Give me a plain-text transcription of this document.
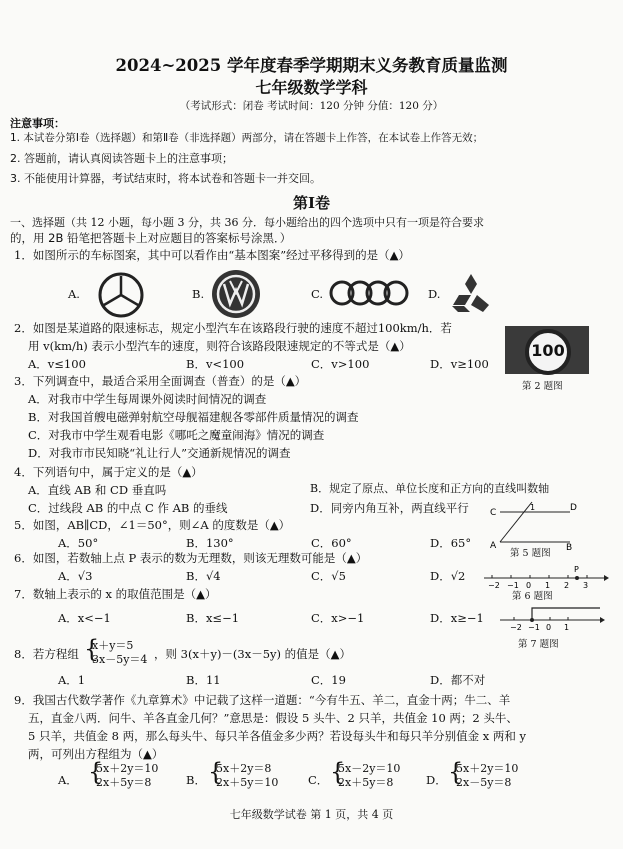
2024~2025 学年度春季学期期末义务教育质量监测
七年级数学学科
（考试形式：闭卷 考试时间：120 分钟 分值：120 分）
注意事项：
1. 本试卷分第Ⅰ卷（选择题）和第Ⅱ卷（非选择题）两部分，请在答题卡上作答，在本试卷上作答无效；
2. 答题前，请认真阅读答题卡上的注意事项；
3. 不能使用计算器，考试结束时，将本试卷和答题卡一并交回。
第Ⅰ卷
一、选择题（共 12 小题，每小题 3 分，共 36 分．每小题给出的四个选项中只有一项是符合要求
的，用 2B 铅笔把答题卡上对应题目的答案标号涂黑．）
1．如图所示的车标图案，其中可以看作由“基本图案”经过平移得到的是（▲）
A.	B.	C.	D.
2．如图是某道路的限速标志，规定小型汽车在该路段行驶的速度不超过100km/h．若
用 v(km/h) 表示小型汽车的速度，则符合该路段限速规定的不等式是（▲）
A．v≤100	B．v<100	C．v>100	D．v≥100
100
第 2 题图
3．下列调查中，最适合采用全面调查（普查）的是（▲）
A．对我市中学生每周课外阅读时间情况的调查
B．对我国首艘电磁弹射航空母舰福建舰各零部件质量情况的调查
C．对我市中学生观看电影《哪吒之魔童闹海》情况的调查
D．对我市市民知晓“礼让行人”交通新规情况的调查
4．下列语句中，属于定义的是（▲）
A．直线 AB 和 CD 垂直吗	B．规定了原点、单位长度和正方向的直线叫数轴
C．过线段 AB 的中点 C 作 AB 的垂线	D．同旁内角互补，两直线平行
5．如图，AB∥CD，∠1＝50°，则∠A 的度数是（▲）
A．50°	B．130°	C．60°	D．65°
C	D
A	B
1
第 5 题图
6．如图，若数轴上点 P 表示的数为无理数，则该无理数可能是（▲）
A．√3	B．√4	C．√5	D．√2
−2 −1 0 1 2 3
P
第 6 题图
7．数轴上表示的 x 的取值范围是（▲）
A．x<−1	B．x≤−1	C．x>−1	D．x≥−1
−2 −1 0 1
第 7 题图
8．若方程组 {
x＋y＝5
3x－5y＝4 ，则 3(x＋y)－(3x－5y) 的值是（▲）
A．1	B．11	C．19	D．都不对
9．我国古代数学著作《九章算术》中记载了这样一道题：“今有牛五、羊二，直金十两；牛二、羊
五，直金八两．问牛、羊各直金几何？”意思是：假设 5 头牛、2 只羊，共值金 10 两；2 头牛、
5 只羊，共值金 8 两，那么每头牛、每只羊各值金多少两？若设每头牛和每只羊分别值金 x 两和 y
两，可列出方程组为（▲）
A． {
5x＋2y＝10
2x＋5y＝8	B． {
5x＋2y＝8
2x＋5y＝10	C． {
5x－2y＝10
2x＋5y＝8	D． {
5x＋2y＝10
2x－5y＝8
七年级数学试卷 第 1 页，共 4 页
